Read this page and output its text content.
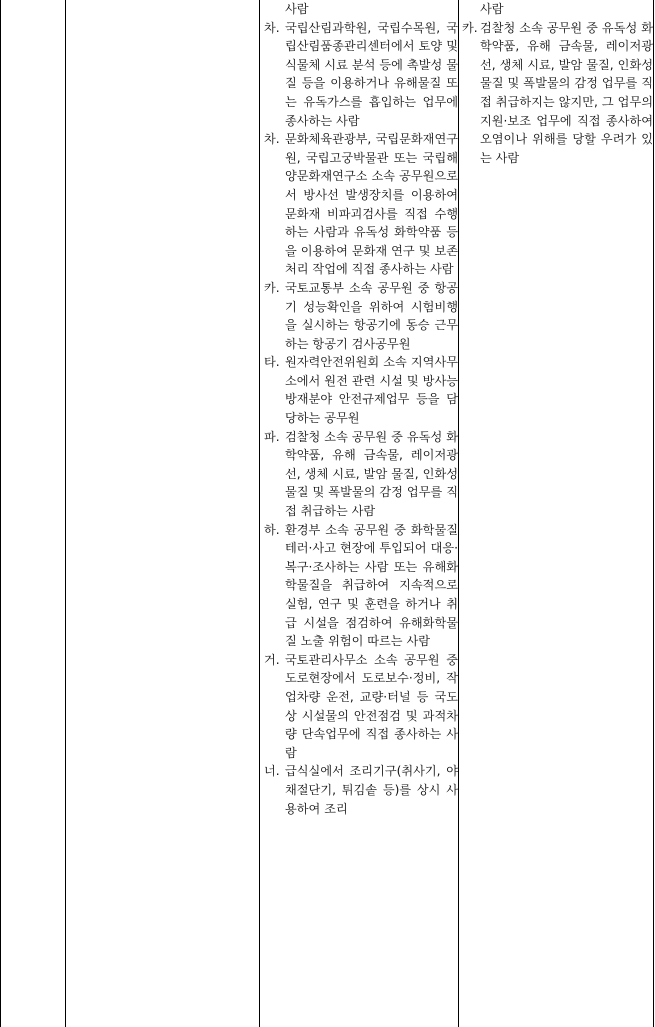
사람

차. 국립산림과학원, 국립수목원, 국립산림품종관리센터에서 토양 및 식물체 시료 분석 등에 촉발성 물질 등을 이용하거나 유해물질 또는 유독가스를 흡입하는 업무에 종사하는 사람

차. 문화체육관광부, 국립문화재연구원, 국립고궁박물관 또는 국립해양문화재연구소 소속 공무원으로서 방사선 발생장치를 이용하여 문화재 비파괴검사를 직접 수행하는 사람과 유독성 화학약품 등을 이용하여 문화재 연구 및 보존처리 작업에 직접 종사하는 사람

카. 국토교통부 소속 공무원 중 항공기 성능확인을 위하여 시험비행을 실시하는 항공기에 동승 근무하는 항공기 검사공무원

타. 원자력안전위원회 소속 지역사무소에서 원전 관련 시설 및 방사능 방재분야 안전규제업무 등을 담당하는 공무원

파. 검찰청 소속 공무원 중 유독성 화학약품, 유해 금속물, 레이저광선, 생체 시료, 발암 물질, 인화성 물질 및 폭발물의 감정 업무를 직접 취급하는 사람

하. 환경부 소속 공무원 중 화학물질 테러·사고 현장에 투입되어 대응·복구·조사하는 사람 또는 유해화학물질을 취급하여 지속적으로 실험, 연구 및 훈련을 하거나 취급 시설을 점검하여 유해화학물질 노출 위험이 따르는 사람

거. 국토관리사무소 소속 공무원 중 도로현장에서 도로보수·정비, 작업차량 운전, 교량·터널 등 국도상 시설물의 안전점검 및 과적차량 단속업무에 직접 종사하는 사람

너. 급식실에서 조리기구(취사기, 야채절단기, 튀김솥 등)를 상시 사용하여 조리

사람

카. 검찰청 소속 공무원 중 유독성 화학약품, 유해 금속물, 레이저광선, 생체 시료, 발암 물질, 인화성 물질 및 폭발물의 감정 업무를 직접 취급하지는 않지만, 그 업무의 지원·보조 업무에 직접 종사하여 오염이나 위해를 당할 우려가 있는 사람
